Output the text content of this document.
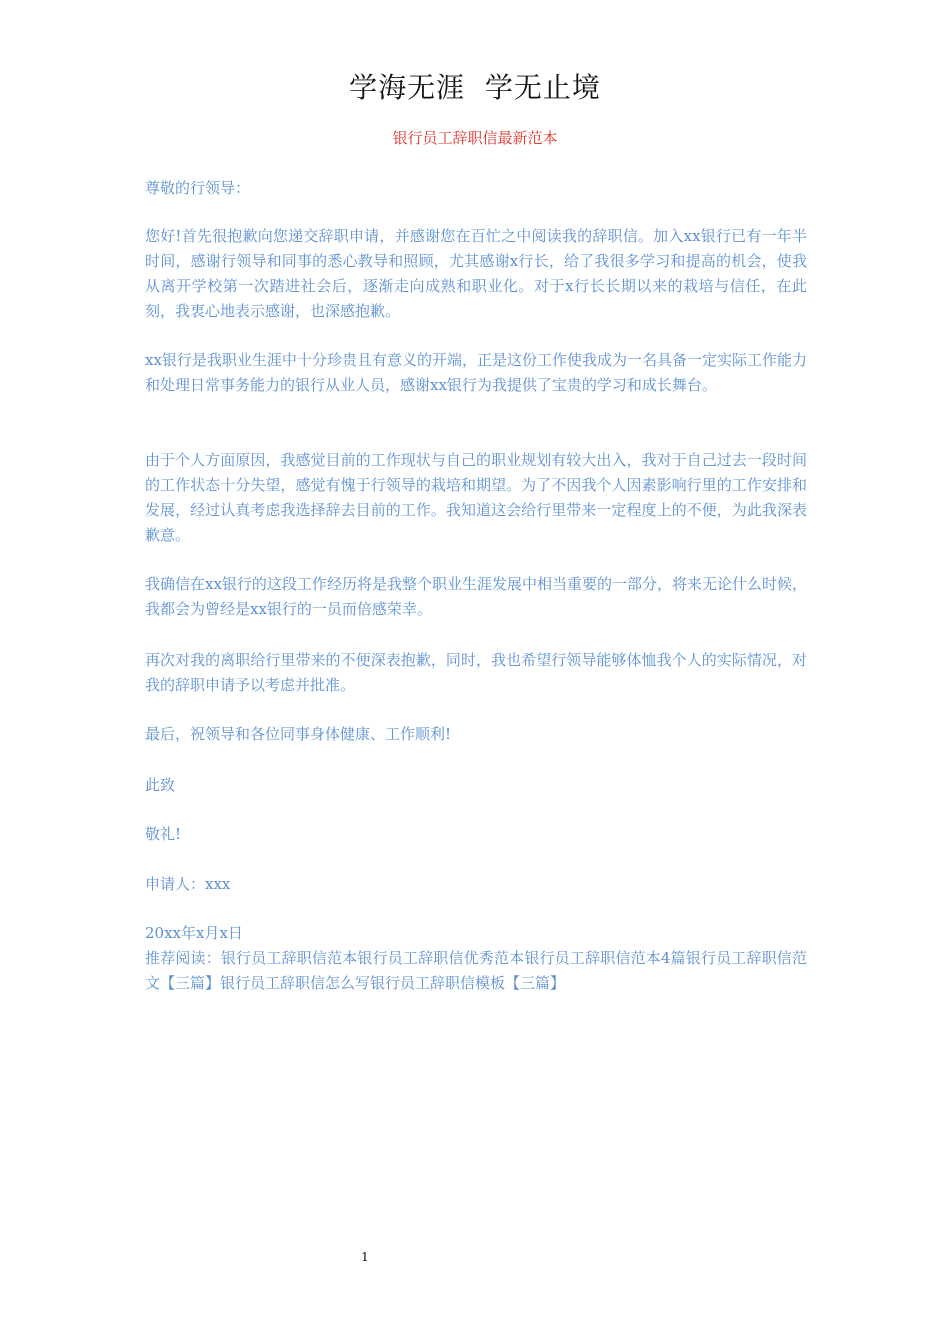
学海无涯  学无止境
银行员工辞职信最新范本

尊敬的行领导：

您好!首先很抱歉向您递交辞职申请，并感谢您在百忙之中阅读我的辞职信。加入xx银行已有一年半时间，感谢行领导和同事的悉心教导和照顾，尤其感谢x行长，给了我很多学习和提高的机会，使我从离开学校第一次踏进社会后，逐渐走向成熟和职业化。对于x行长长期以来的栽培与信任，在此刻，我衷心地表示感谢，也深感抱歉。

xx银行是我职业生涯中十分珍贵且有意义的开端，正是这份工作使我成为一名具备一定实际工作能力和处理日常事务能力的银行从业人员，感谢xx银行为我提供了宝贵的学习和成长舞台。

由于个人方面原因，我感觉目前的工作现状与自己的职业规划有较大出入，我对于自己过去一段时间的工作状态十分失望，感觉有愧于行领导的栽培和期望。为了不因我个人因素影响行里的工作安排和发展，经过认真考虑我选择辞去目前的工作。我知道这会给行里带来一定程度上的不便，为此我深表歉意。

我确信在xx银行的这段工作经历将是我整个职业生涯发展中相当重要的一部分，将来无论什么时候，我都会为曾经是xx银行的一员而倍感荣幸。

再次对我的离职给行里带来的不便深表抱歉，同时，我也希望行领导能够体恤我个人的实际情况，对我的辞职申请予以考虑并批准。

最后，祝领导和各位同事身体健康、工作顺利!

此致

敬礼!

申请人：xxx

20xx年x月x日

推荐阅读：银行员工辞职信范本银行员工辞职信优秀范本银行员工辞职信范本4篇银行员工辞职信范文【三篇】银行员工辞职信怎么写银行员工辞职信模板【三篇】

1
